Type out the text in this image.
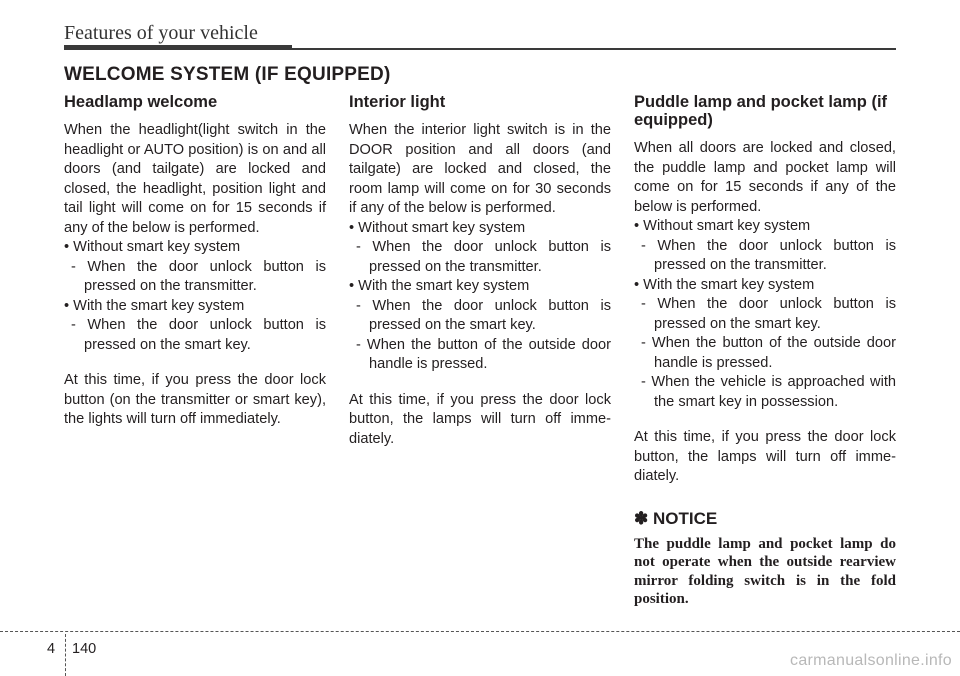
Features of your vehicle
WELCOME SYSTEM (IF EQUIPPED)
Headlamp welcome

When the headlight(light switch in the headlight or AUTO position) is on and all doors (and tailgate) are locked and closed, the headlight, position light and tail light will come on for 15 seconds if any of the below is performed.

• Without smart key system

- When the door unlock button is pressed on the transmitter.

• With the smart key system

- When the door unlock button is pressed on the smart key.

At this time, if you press the door lock button (on the transmitter or smart key), the lights will turn off immediately.

Interior light

When the interior light switch is in the DOOR position and all doors (and tailgate) are locked and closed, the room lamp will come on for 30 seconds if any of the below is performed.

• Without smart key system

- When the door unlock button is pressed on the transmitter.

• With the smart key system

- When the door unlock button is pressed on the smart key.

- When the button of the outside door handle is pressed.

At this time, if you press the door lock button, the lamps will turn off immediately.

Puddle lamp and pocket lamp (if equipped)

When all doors are locked and closed, the puddle lamp and pocket lamp will come on for 15 seconds if any of the below is performed.

• Without smart key system

- When the door unlock button is pressed on the transmitter.

• With the smart key system

- When the door unlock button is pressed on the smart key.

- When the button of the outside door handle is pressed.

- When the vehicle is approached with the smart key in possession.

At this time, if you press the door lock button, the lamps will turn off immediately.

✽ NOTICE

The puddle lamp and pocket lamp do not operate when the outside rearview mirror folding switch is in the fold position.

4 140
carmanualsonline.info
